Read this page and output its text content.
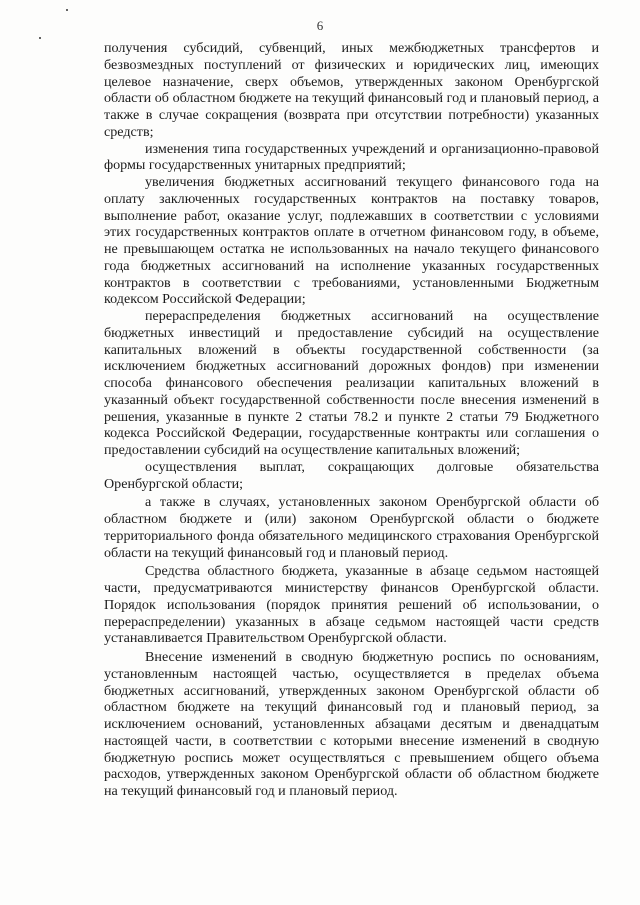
6

получения субсидий, субвенций, иных межбюджетных трансфертов и безвозмездных поступлений от физических и юридических лиц, имеющих целевое назначение, сверх объемов, утвержденных законом Оренбургской области об областном бюджете на текущий финансовый год и плановый период, а также в случае сокращения (возврата при отсутствии потребности) указанных средств;

изменения типа государственных учреждений и организационно-правовой формы государственных унитарных предприятий;

увеличения бюджетных ассигнований текущего финансового года на оплату заключенных государственных контрактов на поставку товаров, выполнение работ, оказание услуг, подлежавших в соответствии с условиями этих государственных контрактов оплате в отчетном финансовом году, в объеме, не превышающем остатка не использованных на начало текущего финансового года бюджетных ассигнований на исполнение указанных государственных контрактов в соответствии с требованиями, установленными Бюджетным кодексом Российской Федерации;

перераспределения бюджетных ассигнований на осуществление бюджетных инвестиций и предоставление субсидий на осуществление капитальных вложений в объекты государственной собственности (за исключением бюджетных ассигнований дорожных фондов) при изменении способа финансового обеспечения реализации капитальных вложений в указанный объект государственной собственности после внесения изменений в решения, указанные в пункте 2 статьи 78.2 и пункте 2 статьи 79 Бюджетного кодекса Российской Федерации, государственные контракты или соглашения о предоставлении субсидий на осуществление капитальных вложений;

осуществления выплат, сокращающих долговые обязательства Оренбургской области;

а также в случаях, установленных законом Оренбургской области об областном бюджете и (или) законом Оренбургской области о бюджете территориального фонда обязательного медицинского страхования Оренбургской области на текущий финансовый год и плановый период.

Средства областного бюджета, указанные в абзаце седьмом настоящей части, предусматриваются министерству финансов Оренбургской области. Порядок использования (порядок принятия решений об использовании, о перераспределении) указанных в абзаце седьмом настоящей части средств устанавливается Правительством Оренбургской области.

Внесение изменений в сводную бюджетную роспись по основаниям, установленным настоящей частью, осуществляется в пределах объема бюджетных ассигнований, утвержденных законом Оренбургской области об областном бюджете на текущий финансовый год и плановый период, за исключением оснований, установленных абзацами десятым и двенадцатым настоящей части, в соответствии с которыми внесение изменений в сводную бюджетную роспись может осуществляться с превышением общего объема расходов, утвержденных законом Оренбургской области об областном бюджете на текущий финансовый год и плановый период.
